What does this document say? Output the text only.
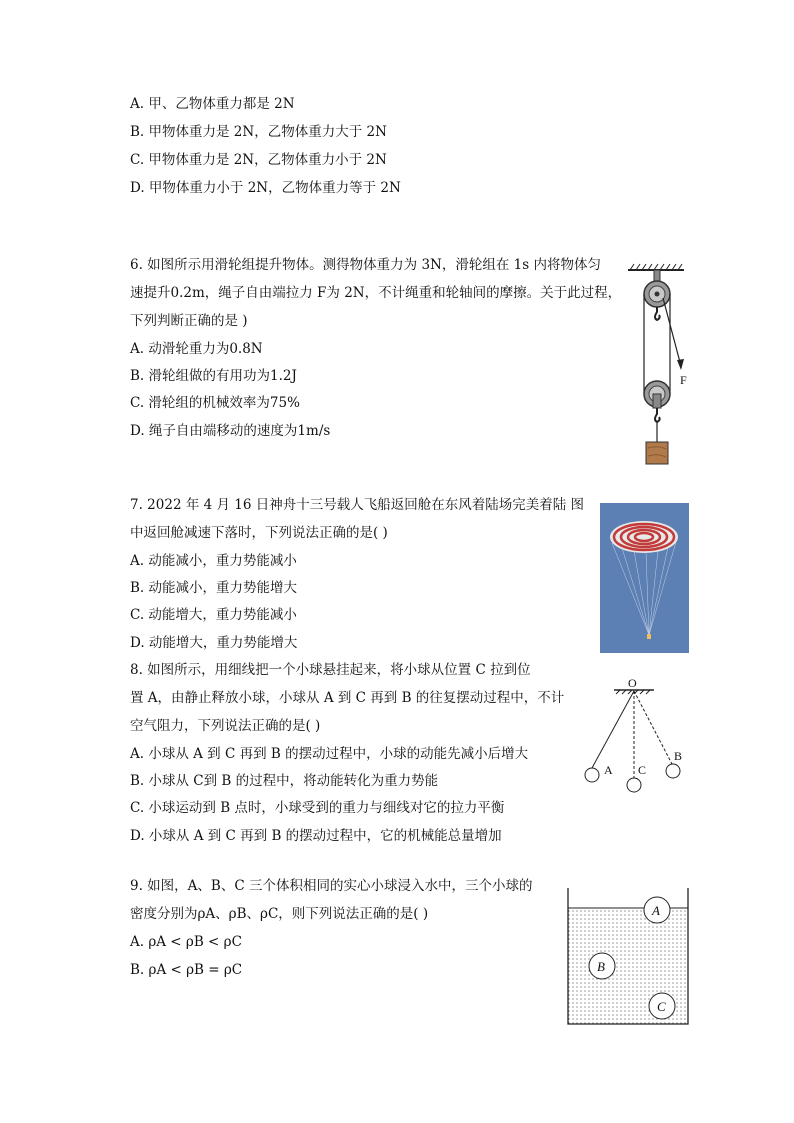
A. 甲、乙物体重力都是 2N
B. 甲物体重力是 2N，乙物体重力大于 2N
C. 甲物体重力是 2N，乙物体重力小于 2N
D. 甲物体重力小于 2N，乙物体重力等于 2N
6. 如图所示用滑轮组提升物体。测得物体重力为 3N，滑轮组在 1s 内将物体匀
速提升0.2m，绳子自由端拉力 F为 2N，不计绳重和轮轴间的摩擦。关于此过程，
下列判断正确的是 )
A. 动滑轮重力为0.8N
B. 滑轮组做的有用功为1.2J
C. 滑轮组的机械效率为75%
D. 绳子自由端移动的速度为1m/s
F
7. 2022 年 4 月 16 日神舟十三号载人飞船返回舱在东风着陆场完美着陆 图
中返回舱减速下落时，下列说法正确的是( )
A. 动能减小，重力势能减小
B. 动能减小，重力势能增大
C. 动能增大，重力势能减小
D. 动能增大，重力势能增大
8. 如图所示，用细线把一个小球悬挂起来，将小球从位置 C 拉到位
置 A，由静止释放小球，小球从 A 到 C 再到 B 的往复摆动过程中，不计
空气阻力，下列说法正确的是( )
A. 小球从 A 到 C 再到 B 的摆动过程中，小球的动能先减小后增大
B. 小球从 C到 B 的过程中，将动能转化为重力势能
C. 小球运动到 B 点时，小球受到的重力与细线对它的拉力平衡
D. 小球从 A 到 C 再到 B 的摆动过程中，它的机械能总量增加
O
A C
B
9. 如图，A、B、C 三个体积相同的实心小球浸入水中，三个小球的
密度分别为ρA、ρB、ρC，则下列说法正确的是( )
A. ρA < ρB < ρC
B. ρA < ρB = ρC
A
B
C
